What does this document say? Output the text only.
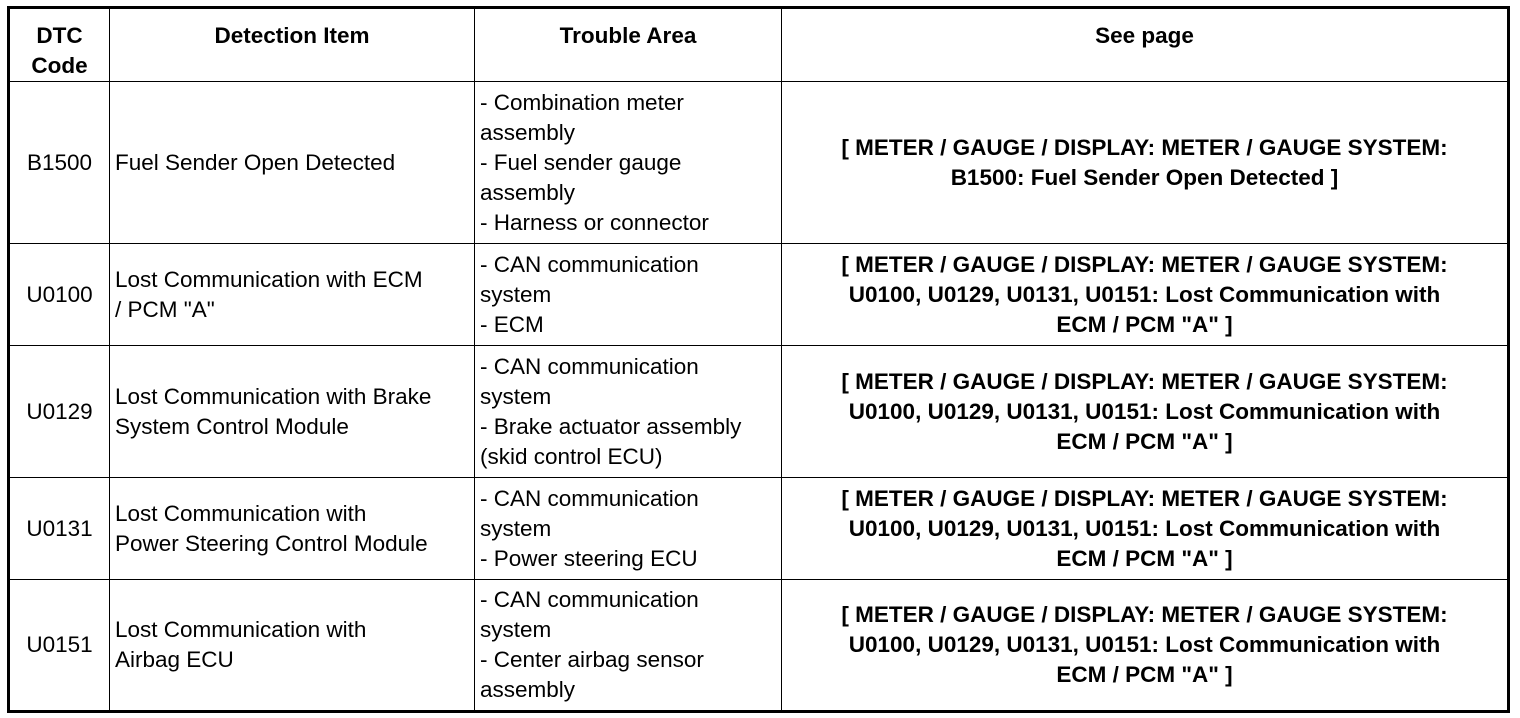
DTC
Code	Detection Item	Trouble Area	See page
B1500	Fuel Sender Open Detected	- Combination meter
assembly
- Fuel sender gauge
assembly
- Harness or connector	[ METER / GAUGE / DISPLAY: METER / GAUGE SYSTEM:
B1500: Fuel Sender Open Detected ]

U0100	Lost Communication with ECM
/ PCM "A"	- CAN communication
system
- ECM	[ METER / GAUGE / DISPLAY: METER / GAUGE SYSTEM:
U0100, U0129, U0131, U0151: Lost Communication with
ECM / PCM "A" ]

U0129	Lost Communication with Brake
System Control Module	- CAN communication
system
- Brake actuator assembly
(skid control ECU)	[ METER / GAUGE / DISPLAY: METER / GAUGE SYSTEM:
U0100, U0129, U0131, U0151: Lost Communication with
ECM / PCM "A" ]

U0131	Lost Communication with
Power Steering Control Module	- CAN communication
system
- Power steering ECU	[ METER / GAUGE / DISPLAY: METER / GAUGE SYSTEM:
U0100, U0129, U0131, U0151: Lost Communication with
ECM / PCM "A" ]

U0151	Lost Communication with
Airbag ECU	- CAN communication
system
- Center airbag sensor
assembly	[ METER / GAUGE / DISPLAY: METER / GAUGE SYSTEM:
U0100, U0129, U0131, U0151: Lost Communication with
ECM / PCM "A" ]
